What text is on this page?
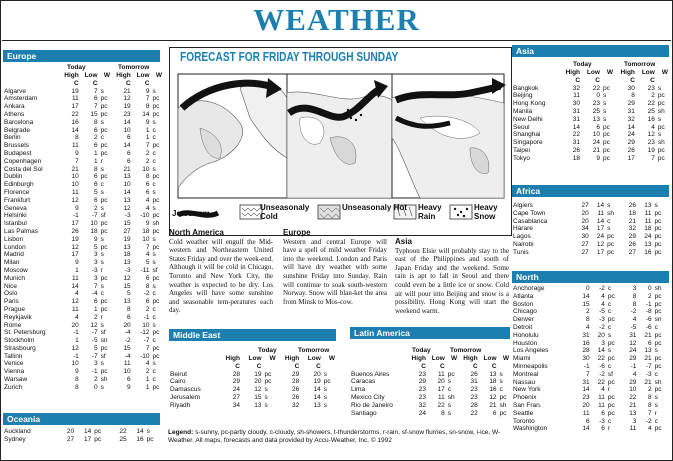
WEATHER
Europe
Today	Tomorrow
	High	Low	W	High	Low	W
	C	C		C	C	
Algarve	19	7	s	21	9	s
Amsterdam	11	6	pc	12	7	pc
Ankara	17	7	pc	19	8	pc
Athens	22	15	pc	23	14	pc
Barcelona	16	8	s	14	9	s
Belgrade	14	6	pc	10	1	c
Berlin	8	2	c	6	1	c
Brussels	11	6	pc	14	7	pc
Budapest	9	1	pc	6	2	c
Copenhagen	7	1	r	6	2	c
Costa del Sol	21	8	s	21	10	s
Dublin	10	6	pc	13	8	pc
Edinburgh	10	6	c	10	6	c
Florence	11	5	s	14	6	s
Frankfurt	12	6	pc	13	4	pc
Geneva	9	2	s	12	4	s
Helsinki	-1	-7	sf	-3	-10	pc
Istanbul	17	10	pc	15	9	sh
Las Palmas	26	18	pc	27	18	pc
Lisbon	19	9	s	19	10	s
London	12	5	pc	13	7	pc
Madrid	17	3	s	18	4	s
Milan	9	3	s	13	5	s
Moscow	1	-3	r	-3	-11	sf
Munich	11	3	pc	12	6	pc
Nice	14	7	s	15	8	s
Oslo	4	-4	c	5	-2	c
Paris	12	6	pc	13	6	pc
Prague	11	1	pc	8	2	c
Reykjavik	4	2	r	6	-1	c
Rome	20	12	s	20	10	s
St. Petersburg	-1	-7	sf	-4	-12	pc
Stockholm	1	-5	sn	-2	-7	c
Strasbourg	12	5	pc	15	7	pc
Tallinn	-1	-7	sf	-4	-10	pc
Venice	10	3	s	11	4	s
Vienna	9	-1	pc	10	2	c
Warsaw	8	2	sh	6	1	c
Zurich	8	0	s	9	1	pc
Oceania
Auckland	20	14	pc	22	14	s
Sydney	27	17	pc	25	16	pc
FORECAST FOR FRIDAY THROUGH SUNDAY
Jetstream
Unseasonaly Cold
Unseasonaly Hot	Heavy Rain
Heavy Snow
North America
Cold weather will engulf the Mid-western and Northeastern United States Friday and over the week-end. Although it will be cold in Chicago, Toronto and New York City, the weather is expected to be dry. Los Angeles will have some sunshine and seasonable tem-peratures each day.
Europe
Western and central Europe will have a spell of mild weather Friday into the weekend. London and Paris will have dry weather with some sunshine Friday into Sunday. Rain will continue to soak south-western Norway. Snow will blan-ket the area from Minsk to Mos-cow.
Asia
Typhoon Elsie will probably stay to the east of the Philippines and south of Japan Friday and the weekend. Some rain is apt to fall in Seoul and there could even be a little ice or snow. Cold air will pour into Beijing and snow is a possibility. Hong Kong will start the weekend warm.
Middle East
Today	Tomorrow
	High	Low	W	High	Low	W
	C	C		C	C	
Beirut	28	19	pc	29	20	s
Cairo	29	20	pc	28	19	pc
Damascus	24	12	s	26	14	s
Jerusalem	27	15	s	26	14	s
Riyadh	34	13	s	32	13	s
Latin America
Today	Tomorrow
	High	Low	W	High	Low	W
	C	C		C	C	
Buenos Aires	23	11	pc	26	13	s
Caracas	29	20	s	31	18	s
Lima	23	17	c	23	16	c
Mexico City	23	11	sh	23	12	pc
Rio de Janeiro	32	22	s	28	21	sh
Santiago	24	8	s	22	6	pc
Legend: s-sunny, pc-partly cloudy, c-cloudy, sh-showers, t-thunderstorms, r-rain, sf-snow flurries, sn-snow, i-ice, W-Weather. All maps, forecasts and data provided by Accu-Weather, Inc. © 1992
Asia
Today	Tomorrow
	High	Low	W	High	Low	W
	C	C		C	C	
Bangkok	32	22	pc	30	23	s
Beijing	11	0	s	8	2	pc
Hong Kong	30	23	s	29	22	pc
Manila	31	25	s	31	25	sh
New Delhi	31	13	s	32	16	s
Seoul	14	6	pc	14	4	pc
Shanghai	22	10	pc	24	12	s
Singapore	31	24	pc	29	23	sh
Taipei	26	21	pc	26	19	pc
Tokyo	18	9	pc	17	7	pc
Africa
Algiers	27	14	s	26	13	s
Cape Town	20	11	sh	18	11	pc
Casablanca	20	14	c	21	11	pc
Harare	34	17	s	32	18	pc
Lagos	30	24	pc	29	24	pc
Nairobi	27	12	pc	26	13	pc
Tunis	27	17	pc	27	16	pc
North
Anchorage	0	-2	c	3	0	sh
Atlanta	14	4	pc	8	2	pc
Boston	15	4	c	8	-1	pc
Chicago	2	-5	c	-2	-8	pc
Denver	8	-3	pc	4	-6	sn
Detroit	4	-2	c	-5	-6	c
Honolulu	31	20	s	31	21	pc
Houston	16	3	pc	12	6	pc
Los Angeles	28	14	s	24	13	s
Miami	30	22	pc	29	21	pc
Minneapolis	-1	-6	c	-1	-7	pc
Montreal	7	-2	sf	4	-3	c
Nassau	31	22	pc	29	21	sh
New York	14	4	r	10	2	pc
Phoenix	23	11	pc	22	8	s
San Fran.	20	11	pc	21	8	s
Seattle	11	6	pc	13	7	r
Toronto	6	-3	c	3	-2	c
Washington	14	6	r	11	4	pc
